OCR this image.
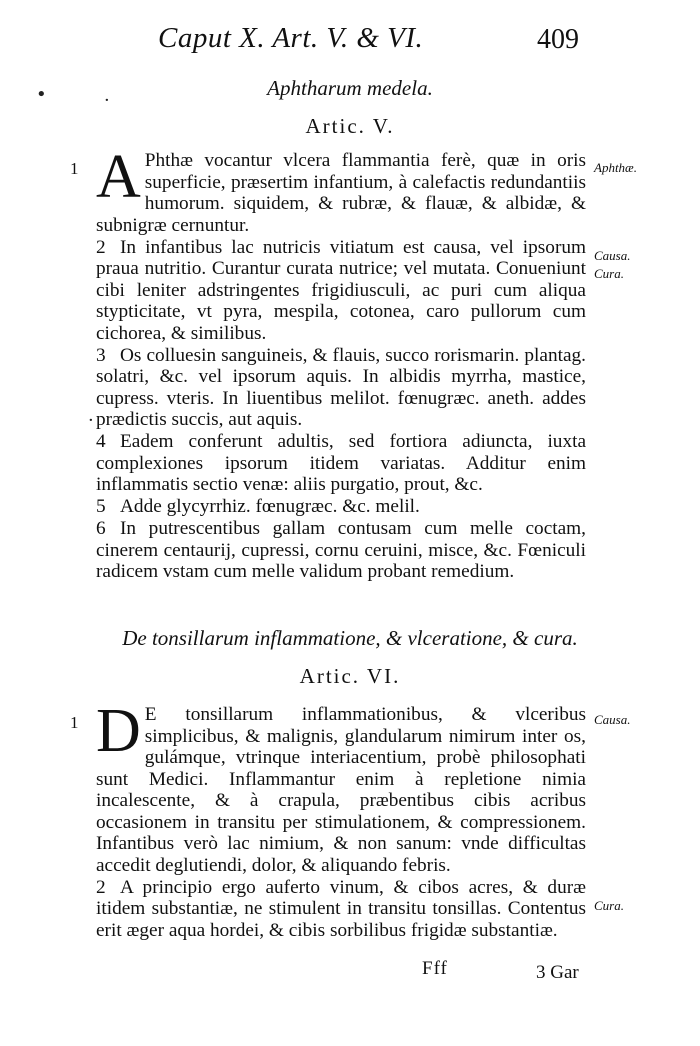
Caput X. Art. V. & VI.	409
•	·
·
Aphtharum medela.
Artic. V.
1 A Phthæ vocantur vlcera flammantia ferè, quæ in oris superficie, præsertim infantium, à calefactis redundantiis humorum. siquidem, & rubræ, & flauæ, & albidæ, & subnigræ cernuntur.

2 In infantibus lac nutricis vitiatum est causa, vel ipsorum praua nutritio. Curantur curata nutrice; vel mutata. Conueniunt cibi leniter adstringentes frigidiusculi, ac puri cum aliqua stypticitate, vt pyra, mespila, cotonea, caro pullorum cum cichorea, & similibus.

3 Os colluesin sanguineis, & flauis, succo rorismarin. plantag. solatri, &c. vel ipsorum aquis. In albidis myrrha, mastice, cupress. vteris. In liuentibus melilot. fœnugræc. aneth. addes prædictis succis, aut aquis.

4 Eadem conferunt adultis, sed fortiora adiuncta, iuxta complexiones ipsorum itidem variatas. Additur enim inflammatis sectio venæ: aliis purgatio, prout, &c.

5 Adde glycyrrhiz. fœnugræc. &c. melil.

6 In putrescentibus gallam contusam cum melle coctam, cinerem centaurij, cupressi, cornu ceruini, misce, &c. Fœniculi radicem vstam cum melle validum probant remedium.

De tonsillarum inflammatione, & vlceratione, & cura.
Artic. VI.
1 D E tonsillarum inflammationibus, & vlceribus simplicibus, & malignis, glandularum nimirum inter os, gulámque, vtrinque interiacentium, probè philosophati sunt Medici. Inflammantur enim à repletione nimia incalescente, & à crapula, præbentibus cibis acribus occasionem in transitu per stimulationem, & compressionem. Infantibus verò lac nimium, & non sanum: vnde difficultas accedit deglutiendi, dolor, & aliquando febris.

2 A principio ergo auferto vinum, & cibos acres, & duræ itidem substantiæ, ne stimulent in transitu tonsillas. Contentus erit æger aqua hordei, & cibis sorbilibus frigidæ substantiæ.

Aphthæ.
Causa.
Cura.
Causa.
Cura.
Fff	3 Gar
